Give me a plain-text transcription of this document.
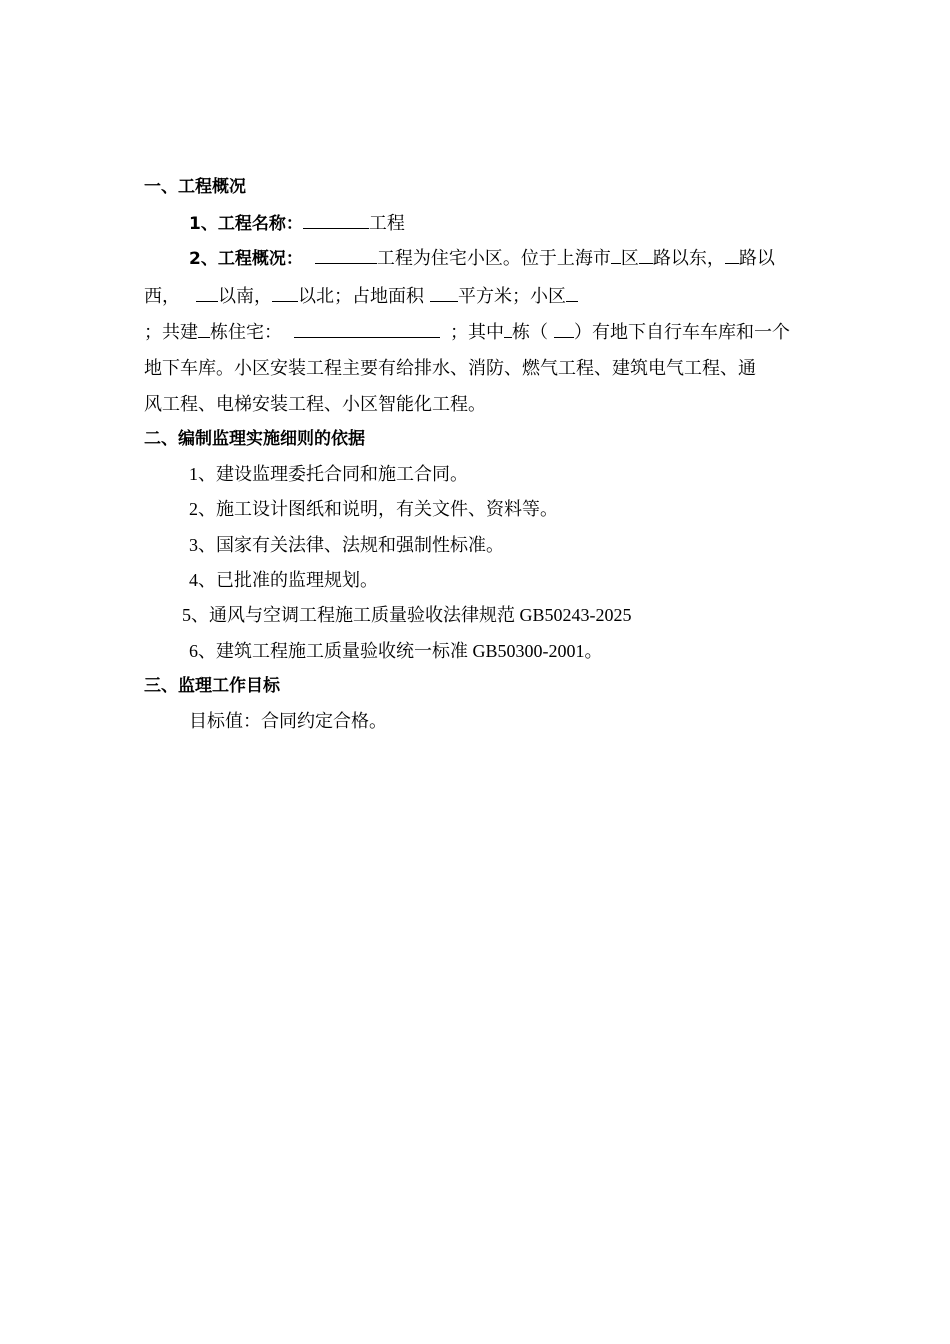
一、工程概况
1、工程名称：	工程
2、工程概况：	工程为住宅小区。位于上海市 区 路以东， 路以
西， 以南， 以北；占地面积 平方米；小区
；共建 栋住宅：	；其中 栋（ ）有地下自行车车库和一个
地下车库。小区安装工程主要有给排水、消防、燃气工程、建筑电气工程、通
风工程、电梯安装工程、小区智能化工程。
二、编制监理实施细则的依据
1、建设监理委托合同和施工合同。
2、施工设计图纸和说明，有关文件、资料等。
3、国家有关法律、法规和强制性标准。
4、已批准的监理规划。
5、通风与空调工程施工质量验收法律规范 GB50243-2025
6、建筑工程施工质量验收统一标准 GB50300-2001。
三、监理工作目标
目标值：合同约定合格。
